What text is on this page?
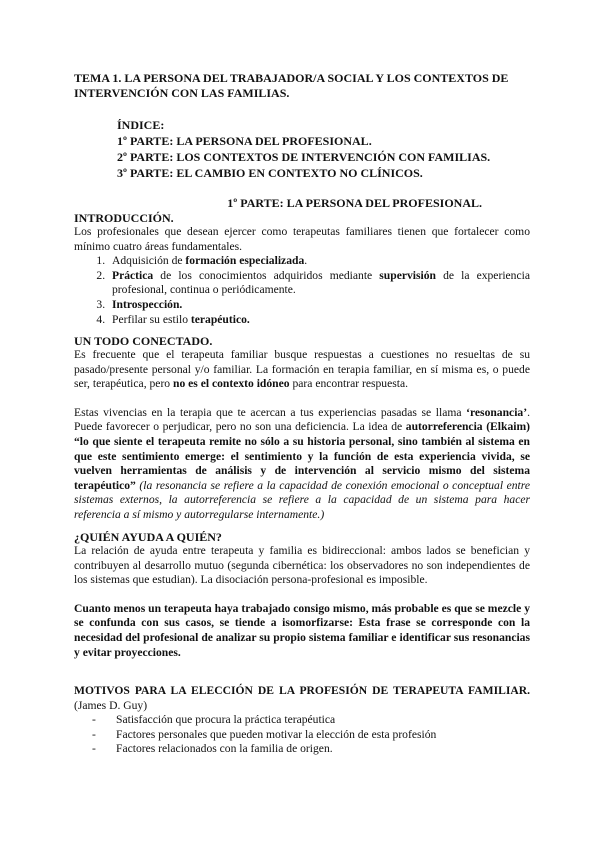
TEMA 1. LA PERSONA DEL TRABAJADOR/A SOCIAL Y LOS CONTEXTOS DE INTERVENCIÓN CON LAS FAMILIAS.
ÍNDICE:
1º PARTE: LA PERSONA DEL PROFESIONAL.
2º PARTE: LOS CONTEXTOS DE INTERVENCIÓN CON FAMILIAS.
3º PARTE: EL CAMBIO EN CONTEXTO NO CLÍNICOS.
1º PARTE: LA PERSONA DEL PROFESIONAL.
INTRODUCCIÓN.

Los profesionales que desean ejercer como terapeutas familiares tienen que fortalecer como mínimo cuatro áreas fundamentales.

1. Adquisición de formación especializada.
2. Práctica de los conocimientos adquiridos mediante supervisión de la experiencia profesional, continua o periódicamente.
3. Introspección.
4. Perfilar su estilo terapéutico.
UN TODO CONECTADO.

Es frecuente que el terapeuta familiar busque respuestas a cuestiones no resueltas de su pasado/presente personal y/o familiar. La formación en terapia familiar, en sí misma es, o puede ser, terapéutica, pero no es el contexto idóneo para encontrar respuesta.

Estas vivencias en la terapia que te acercan a tus experiencias pasadas se llama ‘resonancia’. Puede favorecer o perjudicar, pero no son una deficiencia. La idea de autorreferencia (Elkaim) “lo que siente el terapeuta remite no sólo a su historia personal, sino también al sistema en que este sentimiento emerge: el sentimiento y la función de esta experiencia vivida, se vuelven herramientas de análisis y de intervención al servicio mismo del sistema terapéutico” (la resonancia se refiere a la capacidad de conexión emocional o conceptual entre sistemas externos, la autorreferencia se refiere a la capacidad de un sistema para hacer referencia a sí mismo y autorregularse internamente.)

¿QUIÉN AYUDA A QUIÉN?

La relación de ayuda entre terapeuta y familia es bidireccional: ambos lados se benefician y contribuyen al desarrollo mutuo (segunda cibernética: los observadores no son independientes de los sistemas que estudian). La disociación persona-profesional es imposible.

Cuanto menos un terapeuta haya trabajado consigo mismo, más probable es que se mezcle y se confunda con sus casos, se tiende a isomorfizarse: Esta frase se corresponde con la necesidad del profesional de analizar su propio sistema familiar e identificar sus resonancias y evitar proyecciones.

MOTIVOS PARA LA ELECCIÓN DE LA PROFESIÓN DE TERAPEUTA FAMILIAR. (James D. Guy)

- Satisfacción que procura la práctica terapéutica
- Factores personales que pueden motivar la elección de esta profesión
- Factores relacionados con la familia de origen.
